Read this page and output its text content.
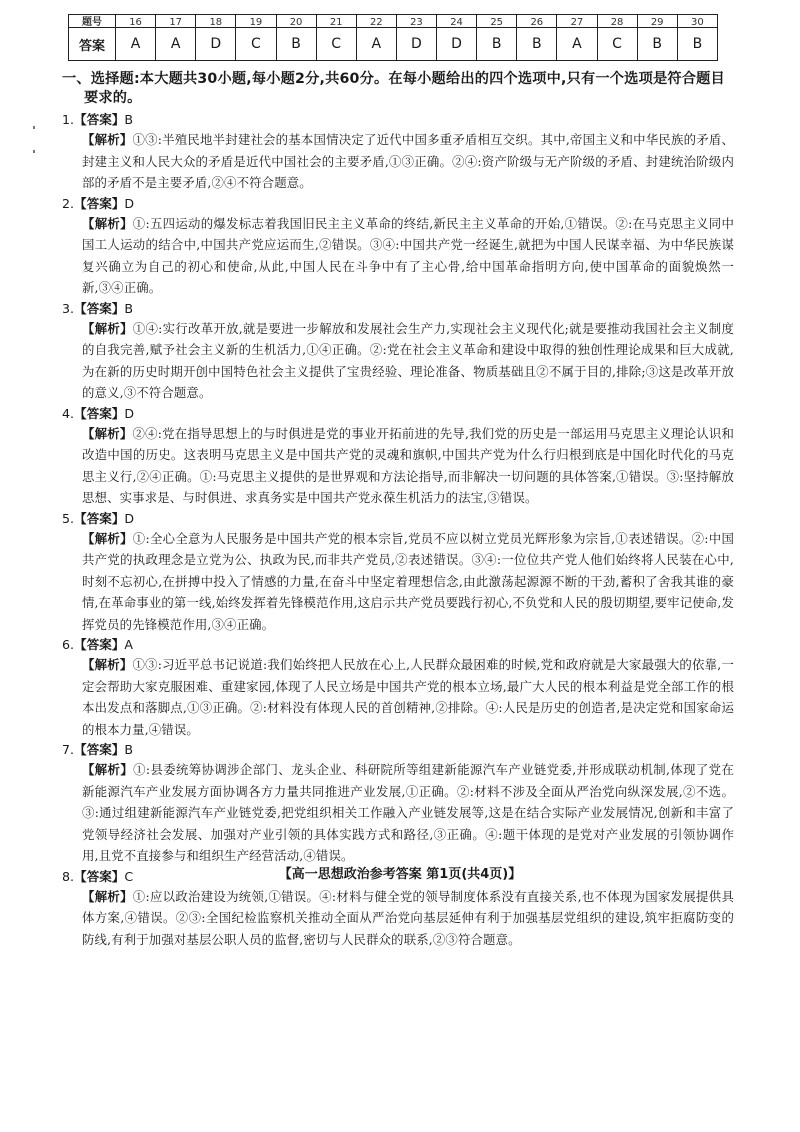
题号	16	17	18	19	20	21	22	23	24	25	26	27	28	29	30
答案	A	A	D	C	B	C	A	D	D	B	B	A	C	B	B
一、选择题:本大题共30小题,每小题2分,共60分。在每小题给出的四个选项中,只有一个选项是符合题目
要求的。
1.【答案】B
【解析】①③:半殖民地半封建社会的基本国情决定了近代中国多重矛盾相互交织。其中,帝国主义和中华民族的矛盾、封建主义和人民大众的矛盾是近代中国社会的主要矛盾,①③正确。②④:资产阶级与无产阶级的矛盾、封建统治阶级内部的矛盾不是主要矛盾,②④不符合题意。
2.【答案】D
【解析】①:五四运动的爆发标志着我国旧民主主义革命的终结,新民主主义革命的开始,①错误。②:在马克思主义同中国工人运动的结合中,中国共产党应运而生,②错误。③④:中国共产党一经诞生,就把为中国人民谋幸福、为中华民族谋复兴确立为自己的初心和使命,从此,中国人民在斗争中有了主心骨,给中国革命指明方向,使中国革命的面貌焕然一新,③④正确。
3.【答案】B
【解析】①④:实行改革开放,就是要进一步解放和发展社会生产力,实现社会主义现代化;就是要推动我国社会主义制度的自我完善,赋予社会主义新的生机活力,①④正确。②:党在社会主义革命和建设中取得的独创性理论成果和巨大成就,为在新的历史时期开创中国特色社会主义提供了宝贵经验、理论准备、物质基础且②不属于目的,排除;③这是改革开放的意义,③不符合题意。
4.【答案】D
【解析】②④:党在指导思想上的与时俱进是党的事业开拓前进的先导,我们党的历史是一部运用马克思主义理论认识和改造中国的历史。这表明马克思主义是中国共产党的灵魂和旗帜,中国共产党为什么行归根到底是中国化时代化的马克思主义行,②④正确。①:马克思主义提供的是世界观和方法论指导,而非解决一切问题的具体答案,①错误。③:坚持解放思想、实事求是、与时俱进、求真务实是中国共产党永葆生机活力的法宝,③错误。
5.【答案】D
【解析】①:全心全意为人民服务是中国共产党的根本宗旨,党员不应以树立党员光辉形象为宗旨,①表述错误。②:中国共产党的执政理念是立党为公、执政为民,而非共产党员,②表述错误。③④:一位位共产党人他们始终将人民装在心中,时刻不忘初心,在拼搏中投入了情感的力量,在奋斗中坚定着理想信念,由此激荡起源源不断的干劲,蓄积了舍我其谁的豪情,在革命事业的第一线,始终发挥着先锋模范作用,这启示共产党员要践行初心,不负党和人民的殷切期望,要牢记使命,发挥党员的先锋模范作用,③④正确。
6.【答案】A
【解析】①③:习近平总书记说道:我们始终把人民放在心上,人民群众最困难的时候,党和政府就是大家最强大的依靠,一定会帮助大家克服困难、重建家园,体现了人民立场是中国共产党的根本立场,最广大人民的根本利益是党全部工作的根本出发点和落脚点,①③正确。②:材料没有体现人民的首创精神,②排除。④:人民是历史的创造者,是决定党和国家命运的根本力量,④错误。
7.【答案】B
【解析】①:县委统筹协调涉企部门、龙头企业、科研院所等组建新能源汽车产业链党委,并形成联动机制,体现了党在新能源汽车产业发展方面协调各方力量共同推进产业发展,①正确。②:材料不涉及全面从严治党向纵深发展,②不选。③:通过组建新能源汽车产业链党委,把党组织相关工作融入产业链发展等,这是在结合实际产业发展情况,创新和丰富了党领导经济社会发展、加强对产业引领的具体实践方式和路径,③正确。④:题干体现的是党对产业发展的引领协调作用,且党不直接参与和组织生产经营活动,④错误。
8.【答案】C
【解析】①:应以政治建设为统领,①错误。④:材料与健全党的领导制度体系没有直接关系,也不体现为国家发展提供具体方案,④错误。②③:全国纪检监察机关推动全面从严治党向基层延伸有利于加强基层党组织的建设,筑牢拒腐防变的防线,有利于加强对基层公职人员的监督,密切与人民群众的联系,②③符合题意。
【高一思想政治参考答案 第1页(共4页)】
